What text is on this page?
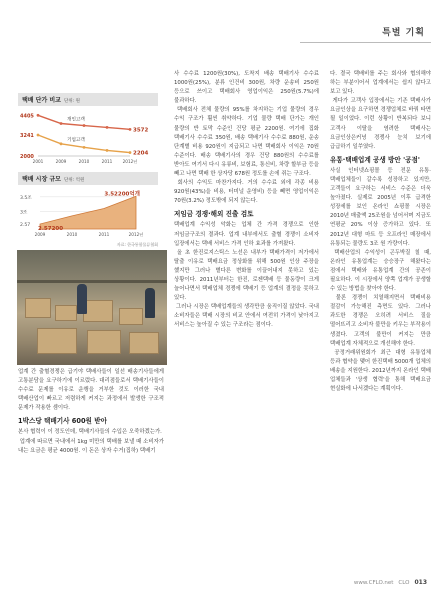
특별 기획
택배 단가 비교 단위: 원
4405
3241
2000
개인고객
3572
기업고객
2204
2001	2009	2010	2011 2012년
택배 시장 규모 단위: 억원
3.5조
3조
2.57
2009	2010	2011	2012년
2.57200
3.52200억개
자료: 한국통합물류협회

업계 간 출혈경쟁은 급기야 택배사들이 일선 배송기사들에게 고통분담을 요구하기에 이르렀다. 대리점들로서 택배기사들이 수수료 문제를 이유로 운행을 거부한 것도 이러한 국내 택배산업이 빠르고 저렴하게 커지는 과정에서 발생한 구조적 문제가 작용한 셈이다.

1박스당 택배기사 600원 받아

본사 협력이 이 정도인데, 택배기사들의 수입은 오죽하겠는가.

업계에 따르면 국내에서 1kg 미만의 택배를 보낼 때 소비자가 내는 요금은 평균 4000원. 이 돈은 상자 수거(집하) 택배기

사 수수료 1200원(30%), 도착지 배송 택배기사 수수료 1000원(25%), 분류 인건비 300원, 차량 운송비 250원 등으로 쓰이고 택배회사 영업이익은 250원(5.7%)에 불과하다.

택배회사 전체 물량의 95%를 차지하는 기업 물량의 경우 수익 구조가 훨씬 취약하다. 기업 물량 택배 단가는 개인 물량의 반 토막 수준인 건당 평균 2200원. 여기에 집화 택배기사 수수료 350원, 배송 택배기사 수수료 880원, 운송 단계별 비용 920원이 지급되고 나면 택배회사 이익은 70원 수준이다. 배송 택배기사의 경우 건당 880원의 수수료를 받아도 여기서 다시 유류비, 보험료, 통신비, 차량 할부금 등을 빼고 나면 택배 한 상자당 678원 정도를 손에 쥐는 구조다.

회사의 수익도 마찬가지다. 거의 수수료 외에 각종 비용 920원(43%)을 비용, 터미널 운영비) 등을 빼면 영업이익은 70원(3.2%) 정도밖에 되지 않는다.

저임금 경쟁·해외 진출 검토

택배업계 수익성 악화는 업체 간 가격 경쟁으로 인한 저임금구조의 결과다. 업계 내부에서도 출혈 경쟁이 소비자 입장에서는 택배 서비스 가격 인하 효과를 가져왔다.

올 초 한진로지스틱스 노선은 내부가 택배가격이 저가에서 탈출 이유로 택배요금 정상화를 위해 500원 인상 주장을 했지만 그러나 별다른 변화를 이끌어내지 못하고 있는 상황이다. 2011년부터는 한진, 로젠택배 등 물동량이 크게 늘어나면서 택배업체 경쟁에 택배기 등 업계의 결정을 못하고 있다.

그러나 시장은 택배업계들의 생각만큼 움직이질 않았다. 국내 소비자들은 택배 시장의 비교 안에서 여전히 가격이 낮아지고 서비스는 높아질 수 있는 구조라는 점이다.

다. 결국 택배비를 주는 회사와 협의해야 하는 부분이어서 업계에서는 쉽지 않다고 보고 있다.

게다가 고객사 입장에서는 기존 택배사가 요금인상을 요구하면 경쟁업체로 바꿔 타면 될 일이었다. 이런 상황이 반복되다 보니 고객사 이탈을 염려한 택배사는 요금인상은커녕 경쟁사 눈치 보기에 급급하기 일쑤였다.

유통·택배업계 공생 방안 '공점'

사실 인터넷쇼핑몰 등 전문 유통·택배업체들이 갈수록 성장하고 있지만, 고객들이 요구하는 서비스 수준은 더욱 높아졌다. 실제로 2005년 이후 급격한 성장세를 보인 온라인 쇼핑몰 시장은 2010년 매출액 25조원을 넘어서며 지금도 연평균 20% 이상 증가하고 있다. 또 2012년 대형 마트 등 오프라인 매장에서 유통되는 물량도 3조 원 가량이다.

택배산업의 수익성이 곤두박질 칠 때, 온라인 유통업계는 승승장구 해왔다는 점에서 택배와 유통업계 간의 공존이 필요하다. 이 시장에서 양쪽 업계가 공생할 수 있는 방법을 찾아야 한다.

물론 경쟁이 치열해지면서 택배비용 절감이 가능해진 측면도 있다. 그러나 과도한 경쟁은 오히려 서비스 질을 떨어뜨리고 소비자 불만을 키우는 부작용이 생겼다. 고객의 불만이 커지는 만큼 택배업계 자체적으로 개선해야 한다.

공정거래위원회가 최근 대형 유통업체 등과 협약을 맺어 한진택배 5000개 업체의 배송을 지원한다. 2012년까지 온라인 택배 업체들과 '상생 협력'을 통해 택배요금 현실화에 나서겠다는 계획이다.

www.CFLO.net CLO 013
